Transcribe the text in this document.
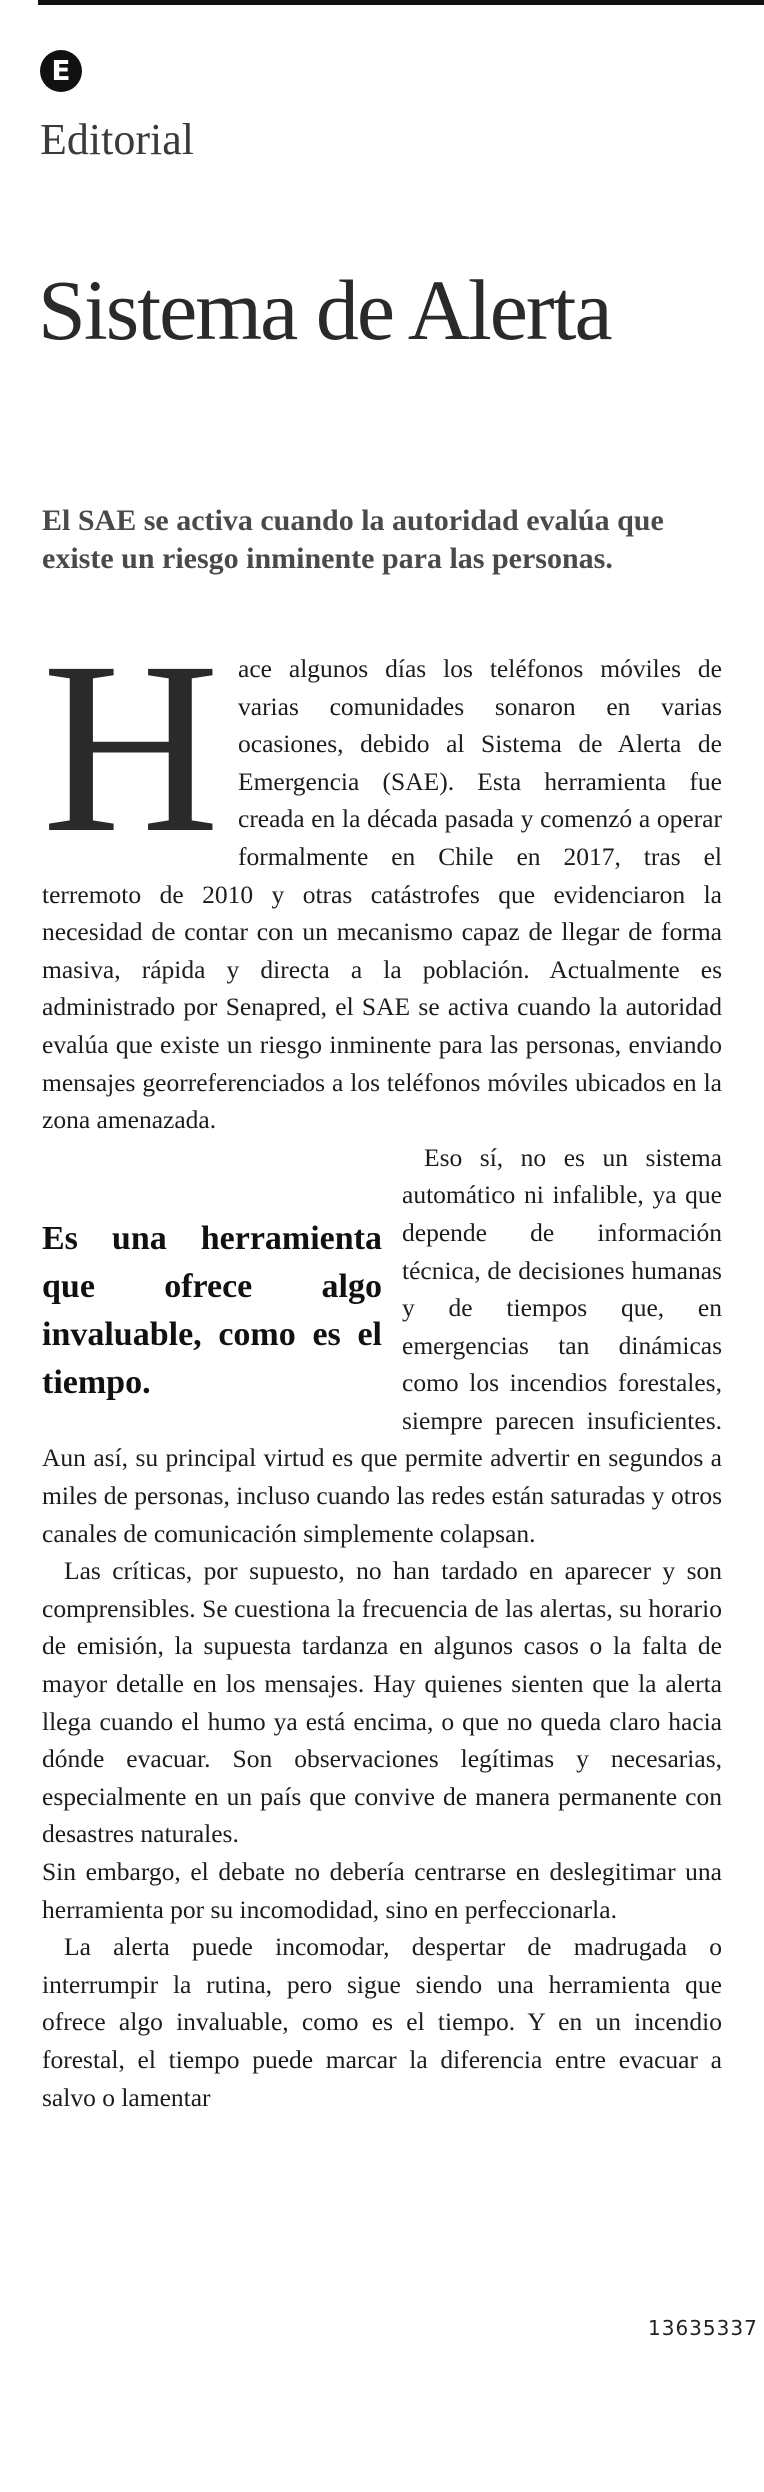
E
Editorial
Sistema de Alerta
El SAE se activa cuando la autoridad evalúa que existe un riesgo inminente para las personas.

Hace algunos días los teléfonos móviles de varias comunidades sonaron en varias ocasiones, debido al Sistema de Alerta de Emergencia (SAE). Esta herramienta fue creada en la década pasada y comenzó a operar formalmente en Chile en 2017, tras el terremoto de 2010 y otras catástrofes que evidenciaron la necesidad de contar con un mecanismo capaz de llegar de forma masiva, rápida y directa a la población. Actualmente es administrado por Senapred, el SAE se activa cuando la autoridad evalúa que existe un riesgo inminente para las personas, enviando mensajes georreferenciados a los teléfonos móviles ubicados en la zona amenazada.

Es una herramienta que ofrece algo invaluable, como es el tiempo.
Eso sí, no es un sistema automático ni infalible, ya que depende de información técnica, de decisiones humanas y de tiempos que, en emergencias tan dinámicas como los incendios forestales, siempre parecen insuficientes. Aun así, su principal virtud es que permite advertir en segundos a miles de personas, incluso cuando las redes están saturadas y otros canales de comunicación simplemente colapsan.

Las críticas, por supuesto, no han tardado en aparecer y son comprensibles. Se cuestiona la frecuencia de las alertas, su horario de emisión, la supuesta tardanza en algunos casos o la falta de mayor detalle en los mensajes. Hay quienes sienten que la alerta llega cuando el humo ya está encima, o que no queda claro hacia dónde evacuar. Son observaciones legítimas y necesarias, especialmente en un país que convive de manera permanente con desastres naturales.

Sin embargo, el debate no debería centrarse en deslegitimar una herramienta por su incomodidad, sino en perfeccionarla.

La alerta puede incomodar, despertar de madrugada o interrumpir la rutina, pero sigue siendo una herramienta que ofrece algo invaluable, como es el tiempo. Y en un incendio forestal, el tiempo puede marcar la diferencia entre evacuar a salvo o lamentar

13635337
